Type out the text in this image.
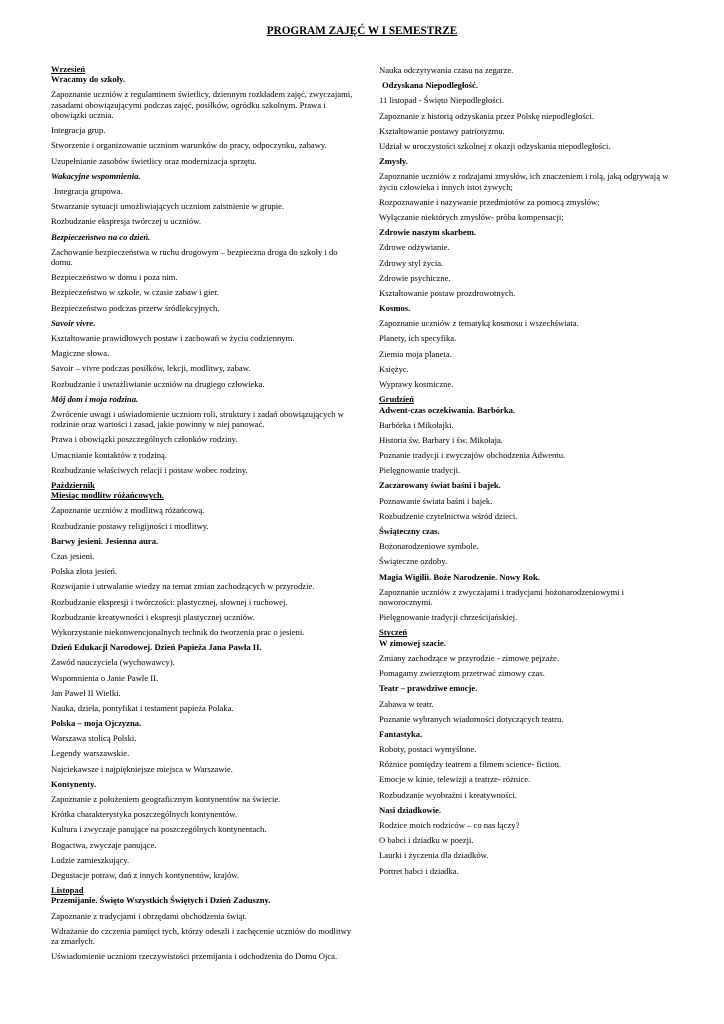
PROGRAM ZAJĘĆ W I SEMESTRZE
Wrzesień
Wracamy do szkoły.
Zapoznanie uczniów z regulaminem świetlicy, dziennym rozkładem zajęć, zwyczajami, zasadami obowiązującymi podczas zajęć, posiłków, ogródku szkolnym. Prawa i obowiązki ucznia.
Integracja grup.
Stworzenie i organizowanie uczniom warunków do pracy, odpoczynku, zabawy.
Uzupełnianie zasobów świetlicy oraz modernizacja sprzętu.
Wakacyjne wspomnienia.
Integracja grupowa.
Stwarzanie sytuacji umożliwiających uczniom zaistnienie w grupie.
Rozbudzanie ekspresja twórczej u uczniów.
Bezpieczeństwo na co dzień.
Zachowanie bezpieczeństwa w ruchu drogowym – bezpieczna droga do szkoły i do domu.
Bezpieczeństwo w domu i poza nim.
Bezpieczeństwo w szkole, w czasie zabaw i gier.
Bezpieczeństwo podczas przerw śródlekcyjnych.
Savoir vivre.
Kształtowanie prawidłowych postaw i zachowań w życiu codziennym.
Magiczne słowa.
Savoir – vivre podczas posiłków, lekcji, modlitwy, zabaw.
Rozbudzanie i uwrażliwianie uczniów na drugiego człowieka.
Mój dom i moja rodzina.
Zwrócenie uwagi i uświadomienie uczniom roli, struktury i zadań obowiązujących w rodzinie oraz wartości i zasad, jakie powinny w niej panować.
Prawa i obowiązki poszczególnych członków rodziny.
Umacnianie kontaktów z rodziną.
Rozbudzanie właściwych relacji i postaw wobec rodziny.
Październik
Miesiąc modlitw różańcowych.
Zapoznanie uczniów z modlitwą różańcową.
Rozbudzanie postawy religijności i modlitwy.
Barwy jesieni. Jesienna aura.
Czas jesieni.
Polska złota jesień.
Rozwijanie i utrwalanie wiedzy na temat zmian zachodzących w przyrodzie.
Rozbudzanie ekspresji i twórczości: plastycznej, słownej i ruchowej.
Rozbudzanie kreatywności i ekspresji plastycznej uczniów.
Wykorzystanie niekonwencjonalnych technik do tworzenia prac o jesieni.
Dzień Edukacji Narodowej. Dzień Papieża Jana Pawła II.
Zawód nauczyciela (wychowawcy).
Wspomnienia o Janie Pawle II.
Jan Paweł II Wielki.
Nauka, dzieła, pontyfikat i testament papieża Polaka.
Polska – moja Ojczyzna.
Warszawa stolicą Polski.
Legendy warszawskie.
Najciekawsze i najpiękniejsze miejsca w Warszawie.
Kontynenty.
Zapoznanie z położeniem geograficznym kontynentów na świecie.
Krótka charakterystyka poszczególnych kontynentów.
Kultura i zwyczaje panujące na poszczególnych kontynentach.
Bogactwa, zwyczaje panujące.
Ludzie zamieszkujący.
Degustacje potraw, dań z innych kontynentów, krajów.
Listopad
Przemijanie. Święto Wszystkich Świętych i Dzień Zaduszny.
Zapoznanie z tradycjami i obrzędami obchodzenia świąt.
Wdrażanie do czczenia pamięci tych, którzy odeszli i zachęcenie uczniów do modlitwy za zmarłych.
Uświadomienie uczniom rzeczywistości przemijania i odchodzenia do Domu Ojca.
Nauka odczytywania czasu na zegarze.
Odzyskana Niepodległość.
11 listopad - Święto Niepodległości.
Zapoznanie z historią odzyskania przez Polskę niepodległości.
Kształtowanie postawy patriotyzmu.
Udział w uroczystości szkolnej z okazji odzyskania niepodległości.
Zmysły.
Zapoznanie uczniów z rodzajami zmysłów, ich znaczeniem i rolą, jaką odgrywają w życiu człowieka i innych istot żywych;
Rozpoznawanie i nazywanie przedmiotów za pomocą zmysłów;
Wyłączanie niektórych zmysłów- próba kompensacji;
Zdrowie naszym skarbem.
Zdrowe odżywianie.
Zdrowy styl życia.
Zdrowie psychiczne.
Kształtowanie postaw prozdrowotnych.
Kosmos.
Zapoznanie uczniów z tematyką kosmosu i wszechświata.
Planety, ich specyfika.
Ziemia moja planeta.
Księżyc.
Wyprawy kosmiczne.
Grudzień
Adwent-czas oczekiwania. Barbórka.
Barbórka i Mikołajki.
Historia św. Barbary i św. Mikołaja.
Poznanie tradycji i zwyczajów obchodzenia Adwentu.
Pielęgnowanie tradycji.
Zaczarowany świat baśni i bajek.
Poznawanie świata baśni i bajek.
Rozbudzenie czytelnictwa wśród dzieci.
Świąteczny czas.
Bożonarodzeniowe symbole.
Świąteczne ozdoby.
Magia Wigilii. Boże Narodzenie. Nowy Rok.
Zapoznanie uczniów z zwyczajami i tradycjami bożonarodzeniowymi i noworocznymi.
Pielęgnowanie tradycji chrześcijańskiej.
Styczeń
W zimowej szacie.
Zmiany zachodzące w przyrodzie - zimowe pejzaże.
Pomagamy zwierzętom przetrwać zimowy czas.
Teatr – prawdziwe emocje.
Zabawa w teatr.
Poznanie wybranych wiadomości dotyczących teatru.
Fantastyka.
Roboty, postaci wymyślone.
Różnice pomiędzy teatrem a filmem science- fiction.
Emocje w kinie, telewizji a teatrze- różnice.
Rozbudzanie wyobraźni i kreatywności.
Nasi dziadkowie.
Rodzice moich rodziców – co nas łączy?
O babci i dziadku w poezji.
Laurki i życzenia dla dziadków.
Portret babci i dziadka.
